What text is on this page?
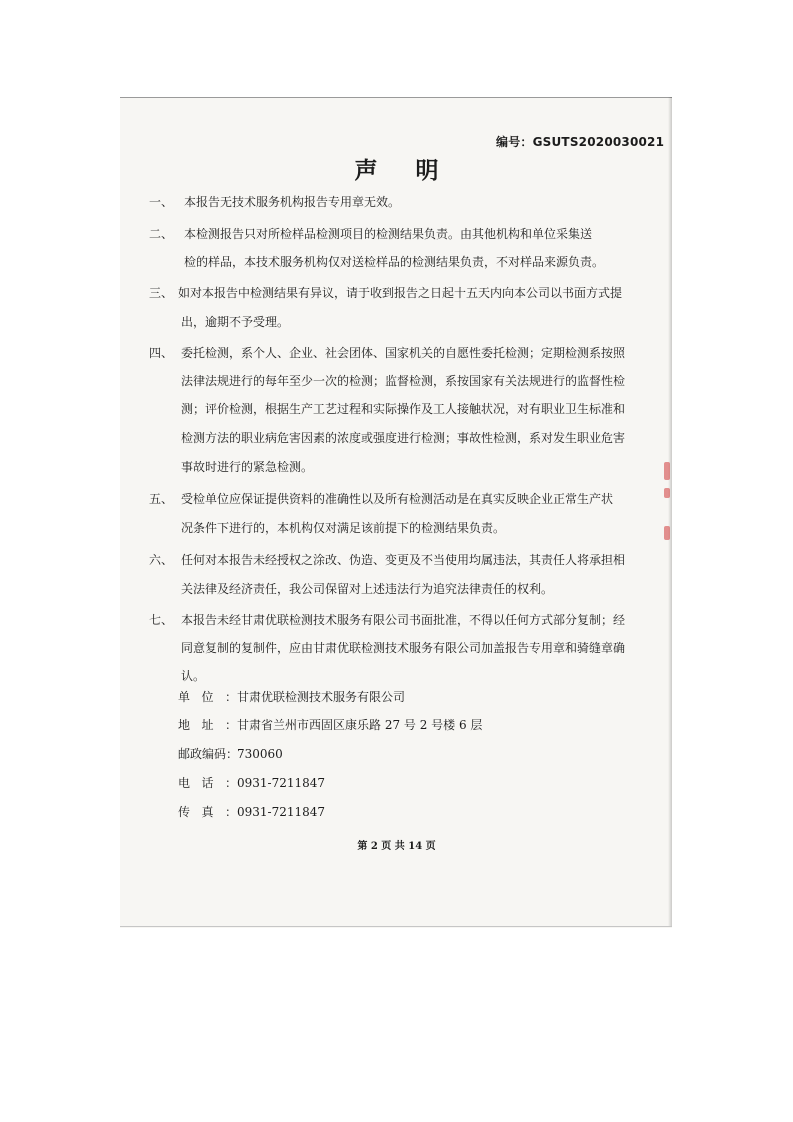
编号：GSUTS2020030021
声明
一、 本报告无技术服务机构报告专用章无效。
二、 本检测报告只对所检样品检测项目的检测结果负责。由其他机构和单位采集送
检的样品，本技术服务机构仅对送检样品的检测结果负责，不对样品来源负责。
三、 如对本报告中检测结果有异议，请于收到报告之日起十五天内向本公司以书面方式提
出，逾期不予受理。
四、 委托检测，系个人、企业、社会团体、国家机关的自愿性委托检测；定期检测系按照
法律法规进行的每年至少一次的检测；监督检测，系按国家有关法规进行的监督性检
测；评价检测，根据生产工艺过程和实际操作及工人接触状况，对有职业卫生标准和
检测方法的职业病危害因素的浓度或强度进行检测；事故性检测，系对发生职业危害
事故时进行的紧急检测。
五、 受检单位应保证提供资料的准确性以及所有检测活动是在真实反映企业正常生产状
况条件下进行的，本机构仅对满足该前提下的检测结果负责。
六、 任何对本报告未经授权之涂改、伪造、变更及不当使用均属违法，其责任人将承担相
关法律及经济责任，我公司保留对上述违法行为追究法律责任的权利。
七、 本报告未经甘肃优联检测技术服务有限公司书面批准，不得以任何方式部分复制；经
同意复制的复制件，应由甘肃优联检测技术服务有限公司加盖报告专用章和骑缝章确
认。
单位：甘肃优联检测技术服务有限公司
地址：甘肃省兰州市西固区康乐路 27 号 2 号楼 6 层
邮政编码：730060
电话：0931-7211847
传真：0931-7211847
第 2 页 共 14 页
